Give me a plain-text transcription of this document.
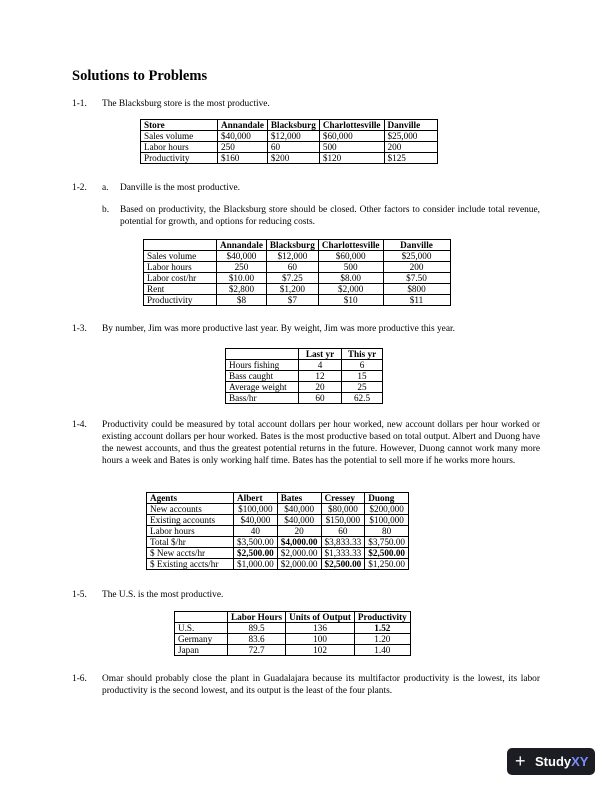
Solutions to Problems
1-1.	The Blacksburg store is the most productive.
Store	Annandale	Blacksburg	Charlottesville	Danville
Sales volume	$40,000	$12,000	$60,000	$25,000
Labor hours	250	60	500	200
Productivity	$160	$200	$120	$125
1-2.	a.	Danville is the most productive.
b.	Based on productivity, the Blacksburg store should be closed. Other factors to consider include total revenue, potential for growth, and options for reducing costs.
	Annandale	Blacksburg	Charlottesville	Danville
Sales volume	$40,000	$12,000	$60,000	$25,000
Labor hours	250	60	500	200
Labor cost/hr	$10.00	$7.25	$8.00	$7.50
Rent	$2,800	$1,200	$2,000	$800
Productivity	$8	$7	$10	$11
1-3.	By number, Jim was more productive last year. By weight, Jim was more productive this year.
	Last yr	This yr
Hours fishing	4	6
Bass caught	12	15
Average weight	20	25
Bass/hr	60	62.5
1-4.	Productivity could be measured by total account dollars per hour worked, new account dollars per hour worked or existing account dollars per hour worked. Bates is the most productive based on total output. Albert and Duong have the newest accounts, and thus the greatest potential returns in the future. However, Duong cannot work many more hours a week and Bates is only working half time. Bates has the potential to sell more if he works more hours.
Agents	Albert	Bates	Cressey	Duong
New accounts	$100,000	$40,000	$80,000	$200,000
Existing accounts	$40,000	$40,000	$150,000	$100,000
Labor hours	40	20	60	80
Total $/hr	$3,500.00	$4,000.00	$3,833.33	$3,750.00
$ New accts/hr	$2,500.00	$2,000.00	$1,333.33	$2,500.00
$ Existing accts/hr	$1,000.00	$2,000.00	$2,500.00	$1,250.00
1-5.	The U.S. is the most productive.
	Labor Hours	Units of Output	Productivity
U.S.	89.5	136	1.52
Germany	83.6	100	1.20
Japan	72.7	102	1.40
1-6.	Omar should probably close the plant in Guadalajara because its multifactor productivity is the lowest, its labor productivity is the second lowest, and its output is the least of the four plants.
+ StudyXY
